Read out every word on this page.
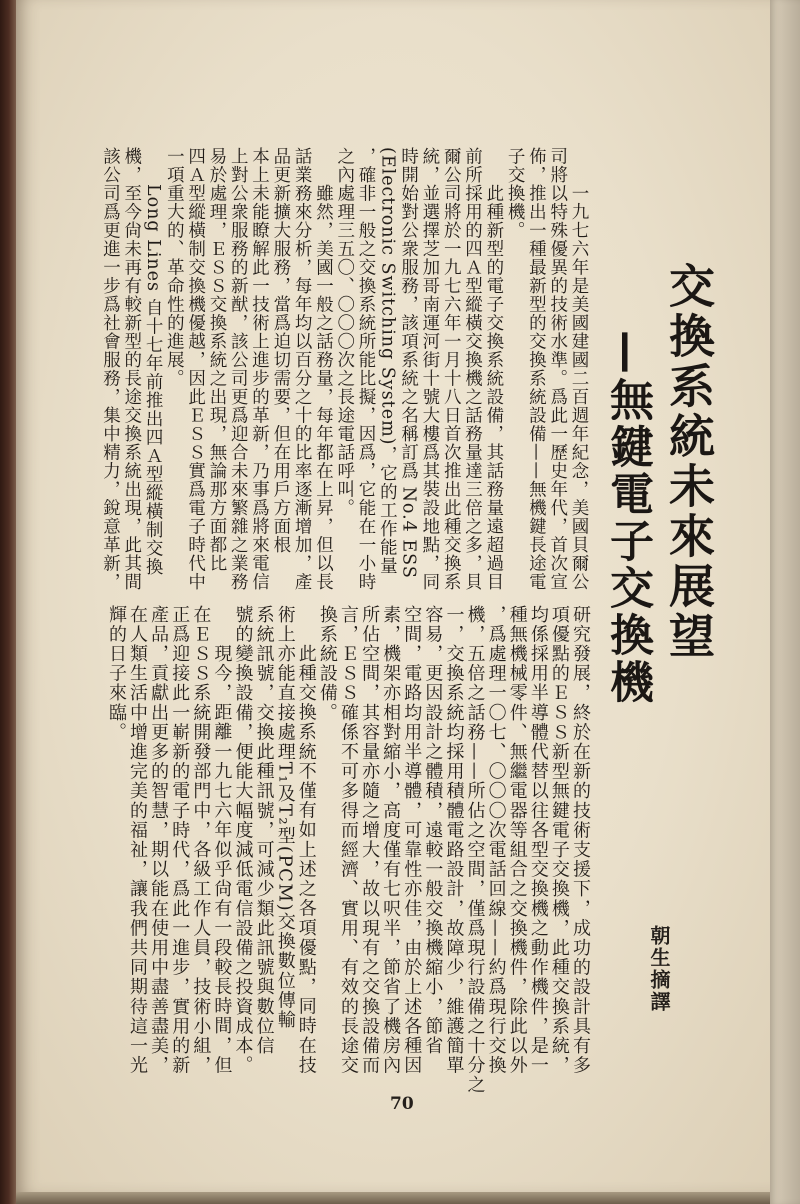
交換系統未來展望
—無鍵電子交換機
朝生摘譯
一九七六年是美國建國二百週年紀念，美國貝爾公
司將以特殊優異的技術水準。爲此一歷史年代，首次宣
佈，推出一種最新型的交換系統設備——無機鍵長途電
子交換機。
此種新型的電子交換系統設備，其話務量遠超過目
前所採用的四Ａ型縱橫交換機之話務量達三倍之多，貝
爾公司將於一九七六年一月十八日首次推出此種交換系
統，並選擇芝加哥南運河街十號大樓爲其裝設地點，同
時開始對公衆服務，該項系統之名稱訂爲 No.4 ESS
(Electronic Switching System)，它的工作能量
，確非一般之交換系統所能比擬，因爲，它能在一小時
之內處理三五〇、〇〇〇次之長途電話呼叫。
雖然，美國一般之話務量，每年都在上昇，但以長
話業務來分析，每年均以百分之十的比率逐漸增加，產
品更新擴大服務，當爲迫切需要，但在用戶方面根
本上未能瞭解此一技術上進步的革新，乃事爲將來電信
上對公衆服務的新猷，該公司更爲迎合未來繁雜之業務
易於處理，ＥＳＳ交換系統之出現，無論那方面都比
四Ａ型縱橫制交換機優越，因此ＥＳＳ實爲電子時代中
一項重大的、革命性的進展。
Long Lines 自十七年前推出四Ａ型縱橫制交換
機，至今尙未再有較新型的長途交換系統出現，此其間
該公司爲更進一步爲社會服務，集中精力，銳意革新，
研究發展，終於在新的技術支援下，成功的設計具有多
項優點的ＥＳＳ新型無鍵電子交換機，此種交換系統，
均係採用半導體代替以往各型交換機之動作機件，是一
種無機械零件、無繼電器等組合之交換機件，除此以外
，爲處理一〇七、〇〇〇次電話回線——約爲現行交換
機，五倍之話務——所佔之空間，僅爲現行設備之十分之
一，交換系統均採用積體電路設計，故障少，維護簡單
容易，更因設計之體積，遠較一般交換機縮小，節省
空間，電路均用半導體，可靠性亦佳，由於上述各種因
素，機架亦相對縮小，高度僅有七呎半，節省了機房內
所佔空間，其容量亦隨之增大，故以現有之交換設備而
言，ＥＳＳ確係不可多得而經濟、實用、有效的長途交
換系統設備。
此種交換系統不僅有如上述之各項優點，同時在技
術上亦能直接處理T₁及T₂型(PCM)交換數位傳輸
系統訊號，交換此種訊號，可減少類此訊號與數位信
號的變換設備，便能大幅度減低電信設備之投資成本。
現今，距離一九七六年似乎尙有一段較長時間，但
在ＥＳＳ系統開發部門中，各級工作人員，技術小組，
正爲迎接此一嶄新的電子時代，爲此一進步，實用的新
產品，貢獻出更多的智慧，期以能在使用中盡善盡美，
在人類生活中增進完美的福祉，讓我們共同期待這一光
輝的日子來臨。
70
